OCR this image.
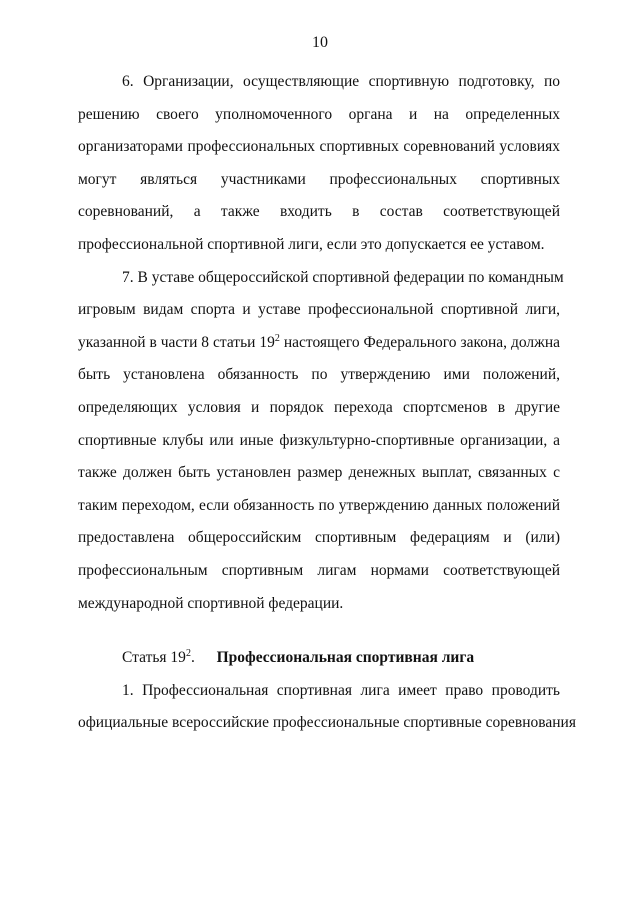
10
6. Организации, осуществляющие спортивную подготовку, по
решению своего уполномоченного органа и на определенных
организаторами профессиональных спортивных соревнований условиях
могут являться участниками профессиональных спортивных
соревнований, а также входить в состав соответствующей
профессиональной спортивной лиги, если это допускается ее уставом.
7. В уставе общероссийской спортивной федерации по командным
игровым видам спорта и уставе профессиональной спортивной лиги,
указанной в части 8 статьи $19^2$ настоящего Федерального закона, должна
быть установлена обязанность по утверждению ими положений,
определяющих условия и порядок перехода спортсменов в другие
спортивные клубы или иные физкультурно-спортивные организации, а
также должен быть установлен размер денежных выплат, связанных с
таким переходом, если обязанность по утверждению данных положений
предоставлена общероссийским спортивным федерациям и (или)
профессиональным спортивным лигам нормами соответствующей
международной спортивной федерации.
Статья $19^2$. Профессиональная спортивная лига
1. Профессиональная спортивная лига имеет право проводить
официальные всероссийские профессиональные спортивные соревнования
